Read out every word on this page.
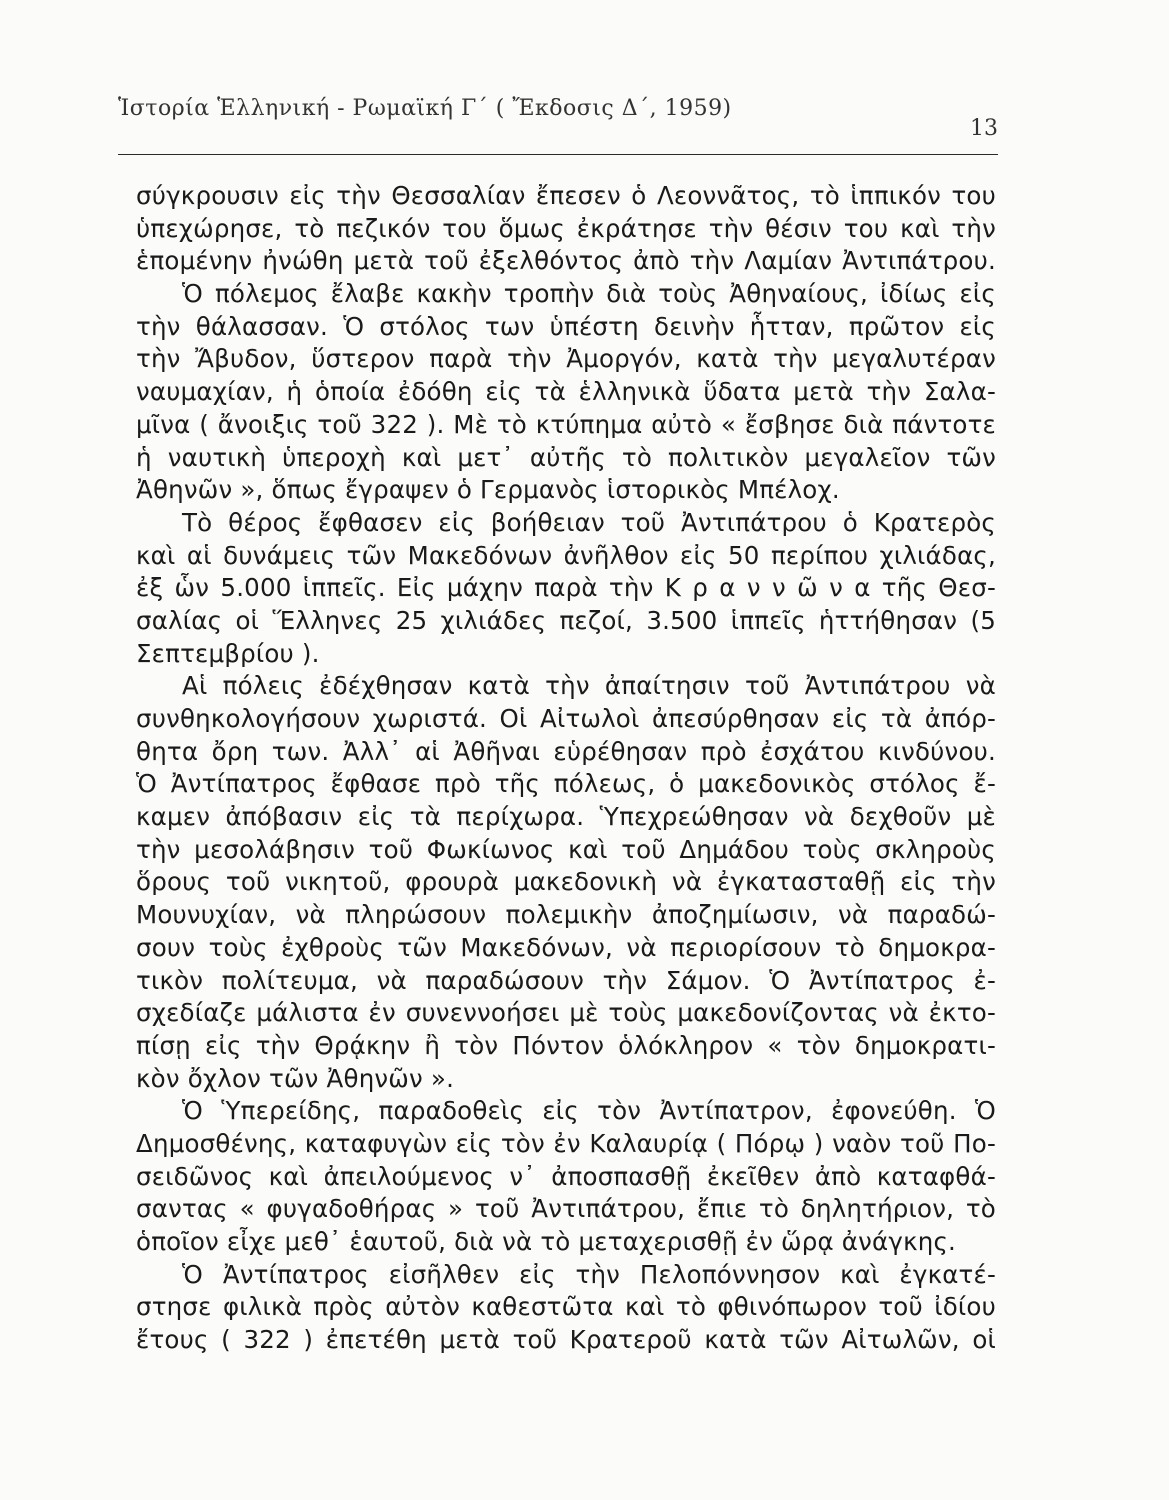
Ἱστορία Ἑλληνική - Ρωμαϊκή Γ΄ ( Ἔκδοσις Δ΄, 1959)
13
σύγκρουσιν εἰς τὴν Θεσσαλίαν ἔπεσεν ὁ Λεοννᾶτος, τὸ ἱππικόν του
ὑπεχώρησε, τὸ πεζικόν του ὅμως ἐκράτησε τὴν θέσιν του καὶ τὴν
ἑπομένην ἠνώθη μετὰ τοῦ ἐξελθόντος ἀπὸ τὴν Λαμίαν Ἀντιπάτρου.
Ὁ πόλεμος ἔλαβε κακὴν τροπὴν διὰ τοὺς Ἀθηναίους, ἰδίως εἰς
τὴν θάλασσαν. Ὁ στόλος των ὑπέστη δεινὴν ἧτταν, πρῶτον εἰς
τὴν Ἄβυδον, ὕστερον παρὰ τὴν Ἀμοργόν, κατὰ τὴν μεγαλυτέραν
ναυμαχίαν, ἡ ὁποία ἐδόθη εἰς τὰ ἑλληνικὰ ὕδατα μετὰ τὴν Σαλα-
μῖνα ( ἄνοιξις τοῦ 322 ). Μὲ τὸ κτύπημα αὐτὸ « ἔσβησε διὰ πάντοτε
ἡ ναυτικὴ ὑπεροχὴ καὶ μετ᾽ αὐτῆς τὸ πολιτικὸν μεγαλεῖον τῶν
Ἀθηνῶν », ὅπως ἔγραψεν ὁ Γερμανὸς ἱστορικὸς Μπέλοχ.
Τὸ θέρος ἔφθασεν εἰς βοήθειαν τοῦ Ἀντιπάτρου ὁ Κρατερὸς
καὶ αἱ δυνάμεις τῶν Μακεδόνων ἀνῆλθον εἰς 50 περίπου χιλιάδας,
ἐξ ὧν 5.000 ἱππεῖς. Εἰς μάχην παρὰ τὴν Κ ρ α ν ν ῶ ν α τῆς Θεσ-
σαλίας οἱ Ἕλληνες 25 χιλιάδες πεζοί, 3.500 ἱππεῖς ἡττήθησαν (5
Σεπτεμβρίου ).
Αἱ πόλεις ἐδέχθησαν κατὰ τὴν ἀπαίτησιν τοῦ Ἀντιπάτρου νὰ
συνθηκολογήσουν χωριστά. Οἱ Αἰτωλοὶ ἀπεσύρθησαν εἰς τὰ ἀπόρ-
θητα ὄρη των. Ἀλλ᾽ αἱ Ἀθῆναι εὑρέθησαν πρὸ ἐσχάτου κινδύνου.
Ὁ Ἀντίπατρος ἔφθασε πρὸ τῆς πόλεως, ὁ μακεδονικὸς στόλος ἔ-
καμεν ἀπόβασιν εἰς τὰ περίχωρα. Ὑπεχρεώθησαν νὰ δεχθοῦν μὲ
τὴν μεσολάβησιν τοῦ Φωκίωνος καὶ τοῦ Δημάδου τοὺς σκληροὺς
ὅρους τοῦ νικητοῦ, φρουρὰ μακεδονικὴ νὰ ἐγκατασταθῇ εἰς τὴν
Μουνυχίαν, νὰ πληρώσουν πολεμικὴν ἀποζημίωσιν, νὰ παραδώ-
σουν τοὺς ἐχθροὺς τῶν Μακεδόνων, νὰ περιορίσουν τὸ δημοκρα-
τικὸν πολίτευμα, νὰ παραδώσουν τὴν Σάμον. Ὁ Ἀντίπατρος ἐ-
σχεδίαζε μάλιστα ἐν συνεννοήσει μὲ τοὺς μακεδονίζοντας νὰ ἐκτο-
πίσῃ εἰς τὴν Θρᾴκην ἢ τὸν Πόντον ὁλόκληρον « τὸν δημοκρατι-
κὸν ὄχλον τῶν Ἀθηνῶν ».
Ὁ Ὑπερείδης, παραδοθεὶς εἰς τὸν Ἀντίπατρον, ἐφονεύθη. Ὁ
Δημοσθένης, καταφυγὼν εἰς τὸν ἐν Καλαυρίᾳ ( Πόρῳ ) ναὸν τοῦ Πο-
σειδῶνος καὶ ἀπειλούμενος ν᾽ ἀποσπασθῇ ἐκεῖθεν ἀπὸ καταφθά-
σαντας « φυγαδοθήρας » τοῦ Ἀντιπάτρου, ἔπιε τὸ δηλητήριον, τὸ
ὁποῖον εἶχε μεθ᾽ ἑαυτοῦ, διὰ νὰ τὸ μεταχερισθῇ ἐν ὥρᾳ ἀνάγκης.
Ὁ Ἀντίπατρος εἰσῆλθεν εἰς τὴν Πελοπόννησον καὶ ἐγκατέ-
στησε φιλικὰ πρὸς αὐτὸν καθεστῶτα καὶ τὸ φθινόπωρον τοῦ ἰδίου
ἔτους ( 322 ) ἐπετέθη μετὰ τοῦ Κρατεροῦ κατὰ τῶν Αἰτωλῶν, οἱ
